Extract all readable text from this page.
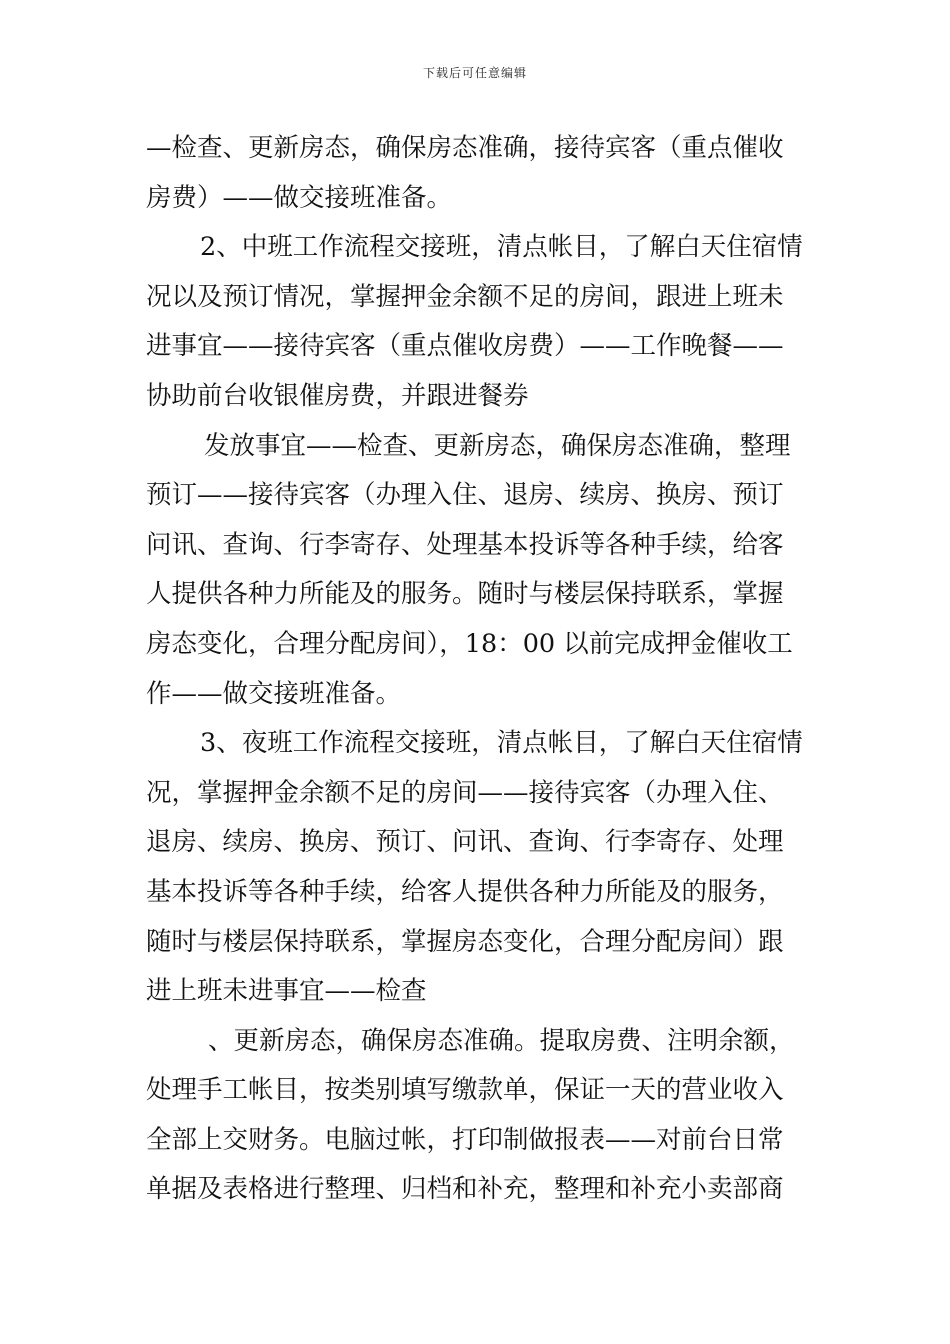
下载后可任意编辑
—检查、更新房态，确保房态准确，接待宾客（重点催收
房费）——做交接班准备。
2、中班工作流程交接班，清点帐目，了解白天住宿情
况以及预订情况，掌握押金余额不足的房间，跟进上班未
进事宜——接待宾客（重点催收房费）——工作晚餐——
协助前台收银催房费，并跟进餐券
发放事宜——检查、更新房态，确保房态准确，整理
预订——接待宾客（办理入住、退房、续房、换房、预订
问讯、查询、行李寄存、处理基本投诉等各种手续，给客
人提供各种力所能及的服务。随时与楼层保持联系，掌握
房态变化，合理分配房间），18：00 以前完成押金催收工
作——做交接班准备。
3、夜班工作流程交接班，清点帐目，了解白天住宿情
况，掌握押金余额不足的房间——接待宾客（办理入住、
退房、续房、换房、预订、问讯、查询、行李寄存、处理
基本投诉等各种手续，给客人提供各种力所能及的服务，
随时与楼层保持联系，掌握房态变化，合理分配房间）跟
进上班未进事宜——检查
、更新房态，确保房态准确。提取房费、注明余额，
处理手工帐目，按类别填写缴款单，保证一天的营业收入
全部上交财务。电脑过帐，打印制做报表——对前台日常
单据及表格进行整理、归档和补充，整理和补充小卖部商
